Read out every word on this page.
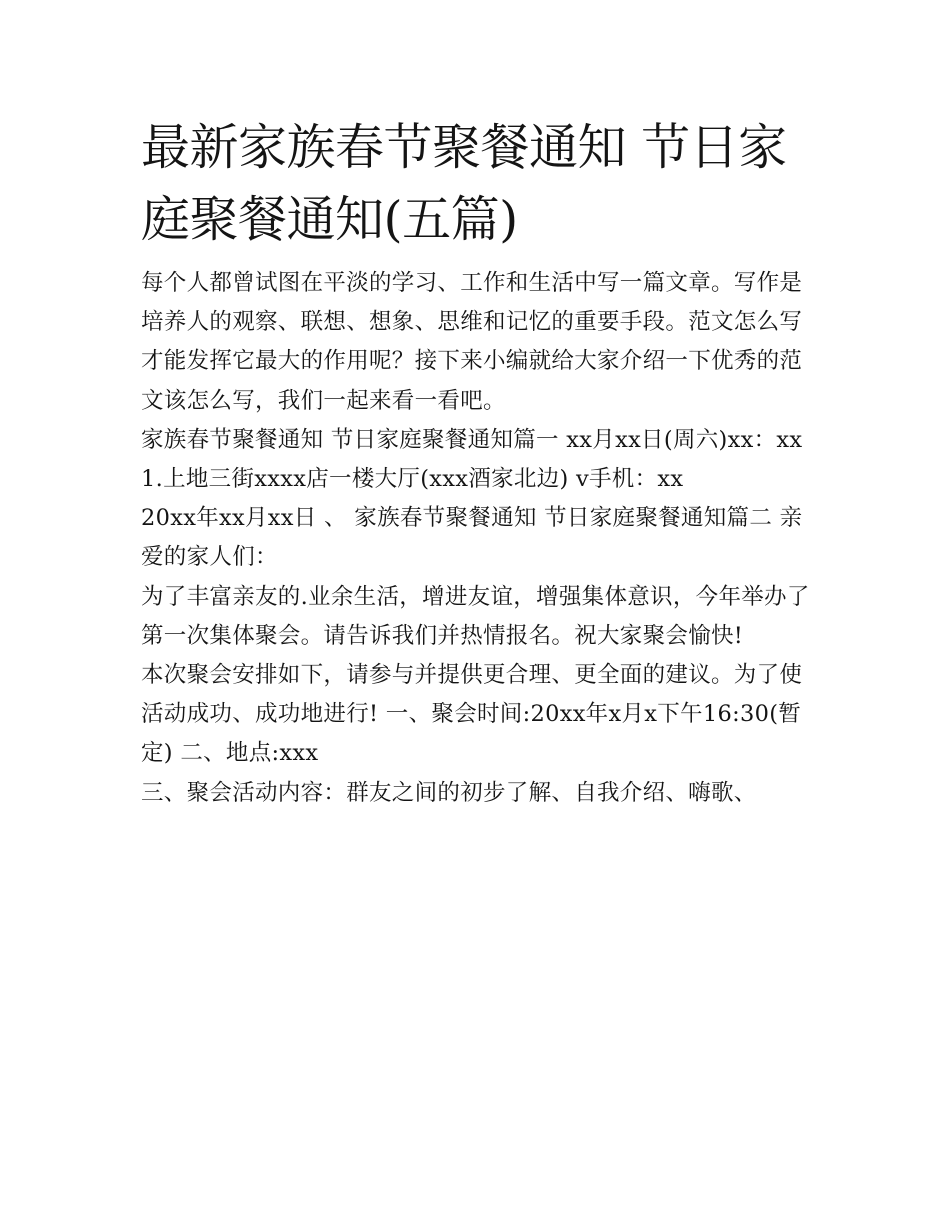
最新家族春节聚餐通知 节日家庭聚餐通知(五篇)

每个人都曾试图在平淡的学习、工作和生活中写一篇文章。写作是培养人的观察、联想、想象、思维和记忆的重要手段。范文怎么写才能发挥它最大的作用呢？接下来小编就给大家介绍一下优秀的范文该怎么写，我们一起来看一看吧。

家族春节聚餐通知 节日家庭聚餐通知篇一 xx月xx日(周六)xx：xx 1.上地三街xxxx店一楼大厅(xxx酒家北边) v手机：xx

20xx年xx月xx日 、 家族春节聚餐通知 节日家庭聚餐通知篇二 亲爱的家人们：

为了丰富亲友的.业余生活，增进友谊，增强集体意识，今年举办了第一次集体聚会。请告诉我们并热情报名。祝大家聚会愉快!

本次聚会安排如下，请参与并提供更合理、更全面的建议。为了使活动成功、成功地进行! 一、聚会时间:20xx年x月x下午16:30(暂定) 二、地点:xxx

三、聚会活动内容：群友之间的初步了解、自我介绍、嗨歌、
